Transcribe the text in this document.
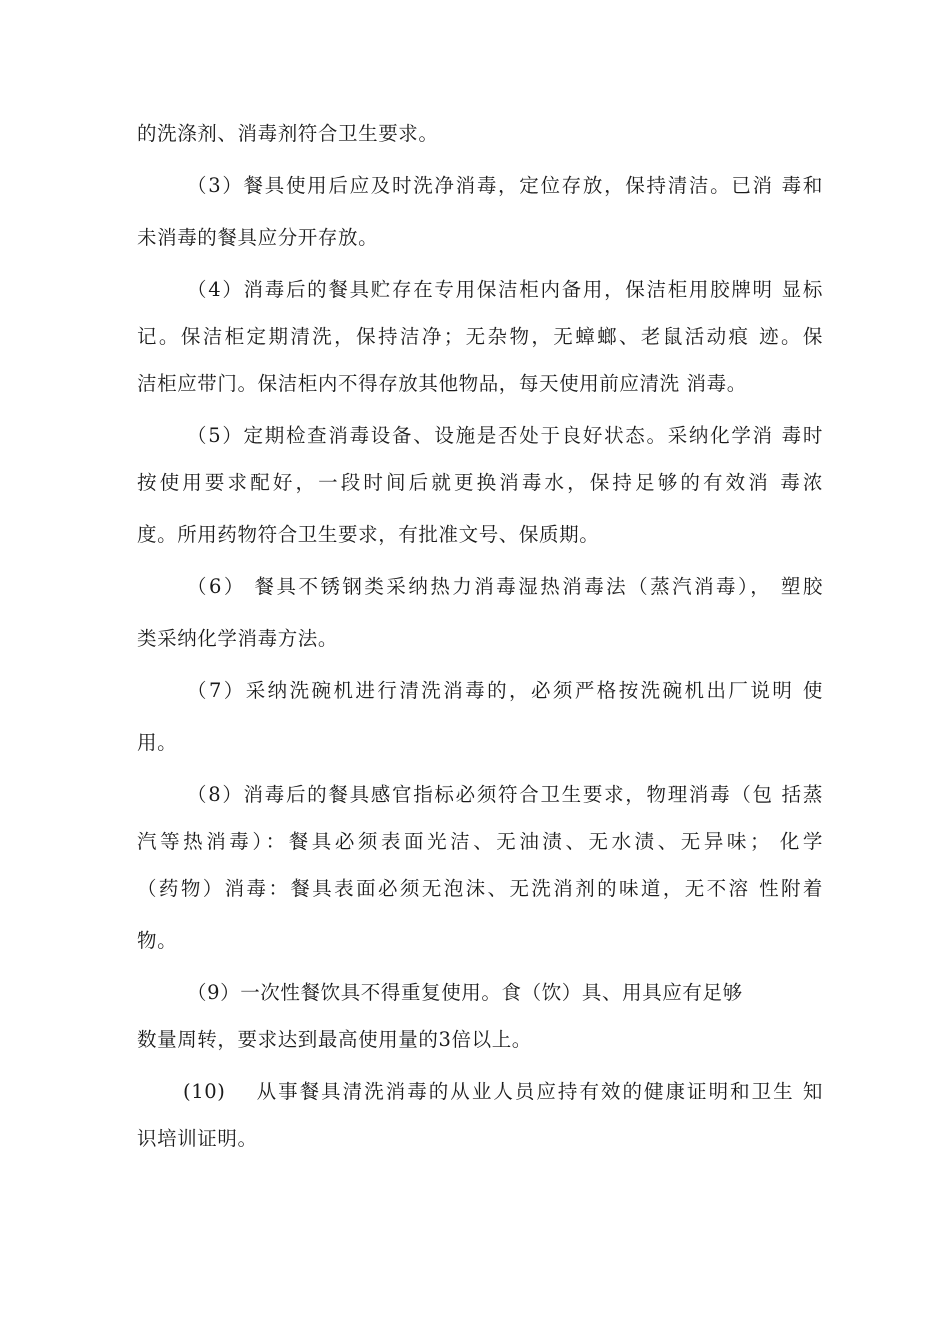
的洗涤剂、消毒剂符合卫生要求。
（3）餐具使用后应及时洗净消毒，定位存放，保持清洁。已消 毒和
未消毒的餐具应分开存放。
（4）消毒后的餐具贮存在专用保洁柜内备用，保洁柜用胶牌明 显标
记。保洁柜定期清洗，保持洁净；无杂物，无蟑螂、老鼠活动痕 迹。保
洁柜应带门。保洁柜内不得存放其他物品，每天使用前应清洗 消毒。
（5）定期检查消毒设备、设施是否处于良好状态。采纳化学消 毒时
按使用要求配好，一段时间后就更换消毒水，保持足够的有效消 毒浓
度。所用药物符合卫生要求，有批准文号、保质期。
（6） 餐具不锈钢类采纳热力消毒湿热消毒法（蒸汽消毒）， 塑胶
类采纳化学消毒方法。
（7）采纳洗碗机进行清洗消毒的，必须严格按洗碗机出厂说明 使
用。
（8）消毒后的餐具感官指标必须符合卫生要求，物理消毒（包 括蒸
汽等热消毒）：餐具必须表面光洁、无油渍、无水渍、无异味； 化学
（药物）消毒：餐具表面必须无泡沫、无洗消剂的味道，无不溶 性附着
物。
（9）一次性餐饮具不得重复使用。食（饮）具、用具应有足够
数量周转，要求达到最高使用量的3倍以上。
(10)　 从事餐具清洗消毒的从业人员应持有效的健康证明和卫生 知
识培训证明。
